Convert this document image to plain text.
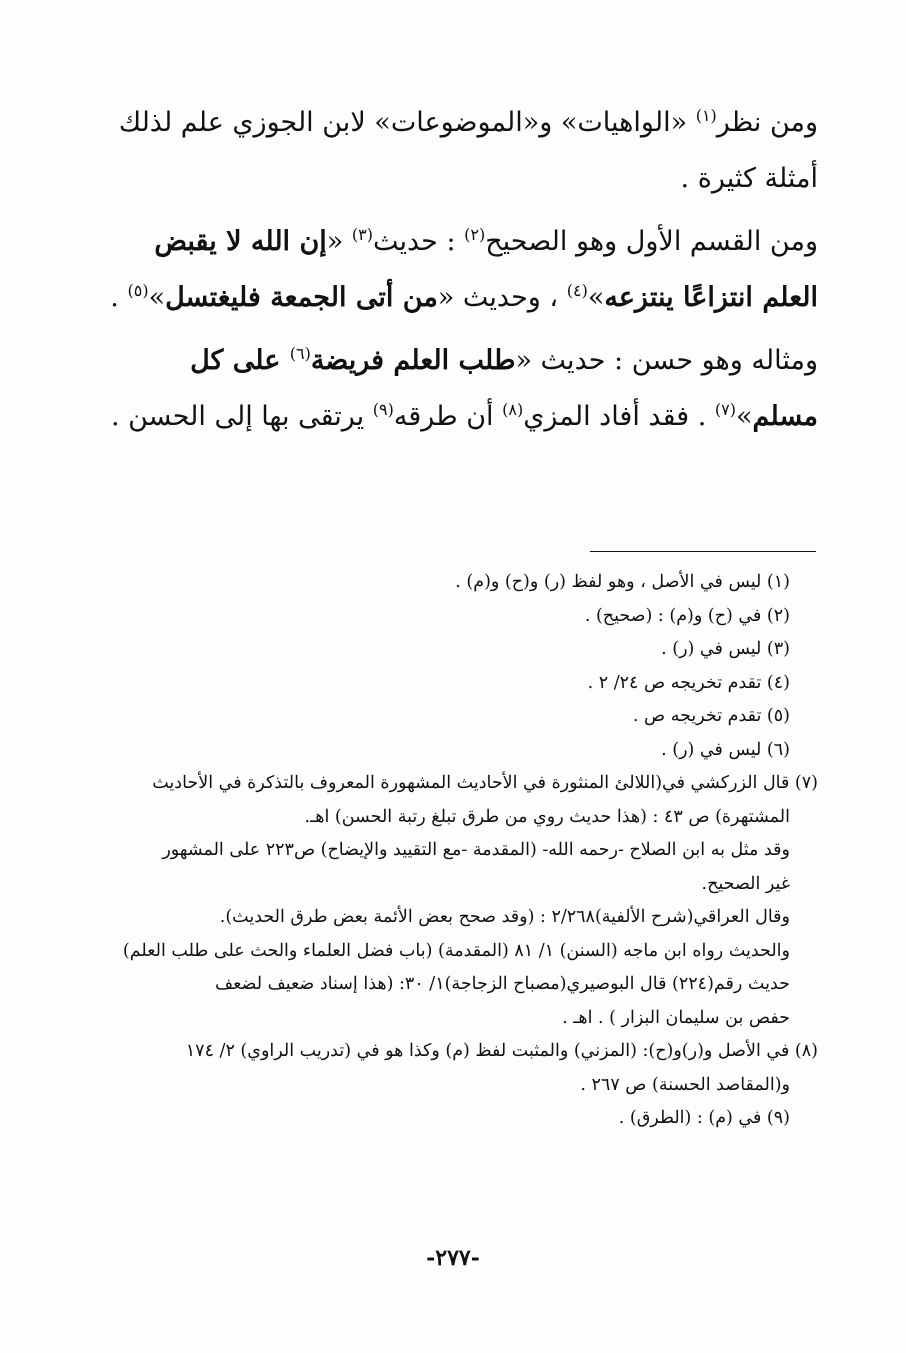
ومن نظر$^{(١)}$ «الواهيات» و«الموضوعات» لابن الجوزي علم لذلك
أمثلة كثيرة .

ومن القسم الأول وهو الصحيح$^{(٢)}$ : حديث$^{(٣)}$ «إن الله لا يقبض
العلم انتزاعًا ينتزعه»$^{(٤)}$ ، وحديث «من أتى الجمعة فليغتسل»$^{(٥)}$ .

ومثاله وهو حسن : حديث «طلب العلم فريضة$^{(٦)}$ على كل
مسلم»$^{(٧)}$ . فقد أفاد المزي$^{(٨)}$ أن طرقه$^{(٩)}$ يرتقى بها إلى الحسن .

(١) ليس في الأصل ، وهو لفظ (ر) و(ح) و(م) .

(٢) في (ح) و(م) : (صحيح) .

(٣) ليس في (ر) .

(٤) تقدم تخريجه ص ٢٤/ ٢ .

(٥) تقدم تخريجه ص .

(٦) ليس في (ر) .

(٧) قال الزركشي في(اللالئ المنثورة في الأحاديث المشهورة المعروف بالتذكرة في الأحاديث
المشتهرة) ص ٤٣ : (هذا حديث روي من طرق تبلغ رتبة الحسن) اهـ.
وقد مثل به ابن الصلاح -رحمه الله- (المقدمة -مع التقييد والإيضاح) ص٢٢٣ على المشهور
غير الصحيح.
وقال العراقي(شرح الألفية)٢/٢٦٨ : (وقد صحح بعض الأئمة بعض طرق الحديث).
والحديث رواه ابن ماجه (السنن) ١/ ٨١ (المقدمة) (باب فضل العلماء والحث على طلب العلم)
حديث رقم(٢٢٤) قال البوصيري(مصباح الزجاجة)١/ ٣٠: (هذا إسناد ضعيف لضعف
حفص بن سليمان البزار ) . اهـ .

(٨) في الأصل و(ر)و(ح): (المزني) والمثبت لفظ (م) وكذا هو في (تدريب الراوي) ٢/ ١٧٤
و(المقاصد الحسنة) ص ٢٦٧ .

(٩) في (م) : (الطرق) .

-٢٧٧-
